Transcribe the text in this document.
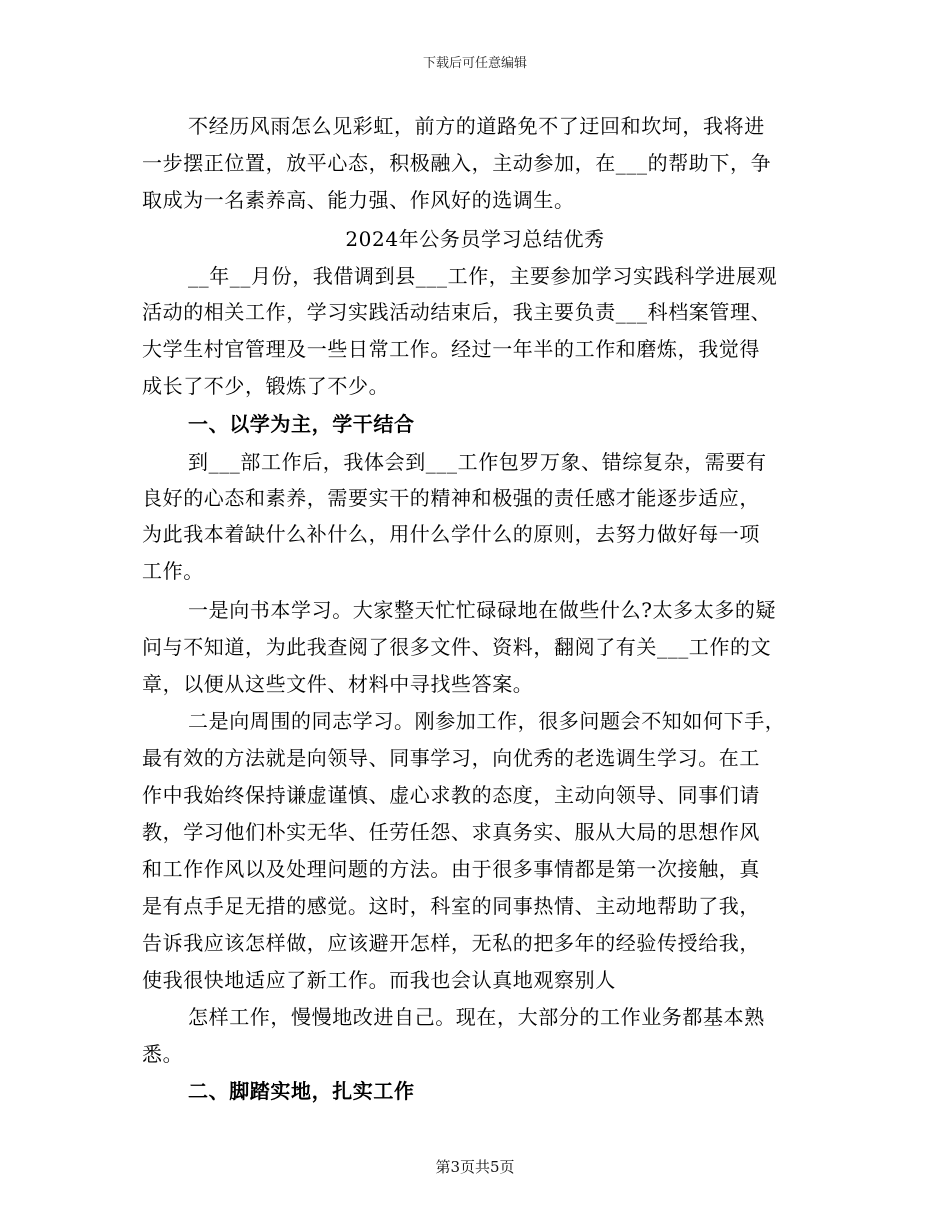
下载后可任意编辑
不经历风雨怎么见彩虹，前方的道路免不了迂回和坎坷，我将进
一步摆正位置，放平心态，积极融入，主动参加，在___的帮助下，争
取成为一名素养高、能力强、作风好的选调生。
2024年公务员学习总结优秀
__年__月份，我借调到县___工作，主要参加学习实践科学进展观
活动的相关工作，学习实践活动结束后，我主要负责___科档案管理、
大学生村官管理及一些日常工作。经过一年半的工作和磨炼，我觉得
成长了不少，锻炼了不少。
一、以学为主，学干结合
到___部工作后，我体会到___工作包罗万象、错综复杂，需要有
良好的心态和素养，需要实干的精神和极强的责任感才能逐步适应，
为此我本着缺什么补什么，用什么学什么的原则，去努力做好每一项
工作。
一是向书本学习。大家整天忙忙碌碌地在做些什么?太多太多的疑
问与不知道，为此我查阅了很多文件、资料，翻阅了有关___工作的文
章，以便从这些文件、材料中寻找些答案。
二是向周围的同志学习。刚参加工作，很多问题会不知如何下手，
最有效的方法就是向领导、同事学习，向优秀的老选调生学习。在工
作中我始终保持谦虚谨慎、虚心求教的态度，主动向领导、同事们请
教，学习他们朴实无华、任劳任怨、求真务实、服从大局的思想作风
和工作作风以及处理问题的方法。由于很多事情都是第一次接触，真
是有点手足无措的感觉。这时，科室的同事热情、主动地帮助了我，
告诉我应该怎样做，应该避开怎样，无私的把多年的经验传授给我，
使我很快地适应了新工作。而我也会认真地观察别人
怎样工作，慢慢地改进自己。现在，大部分的工作业务都基本熟
悉。
二、脚踏实地，扎实工作
第3页共5页
